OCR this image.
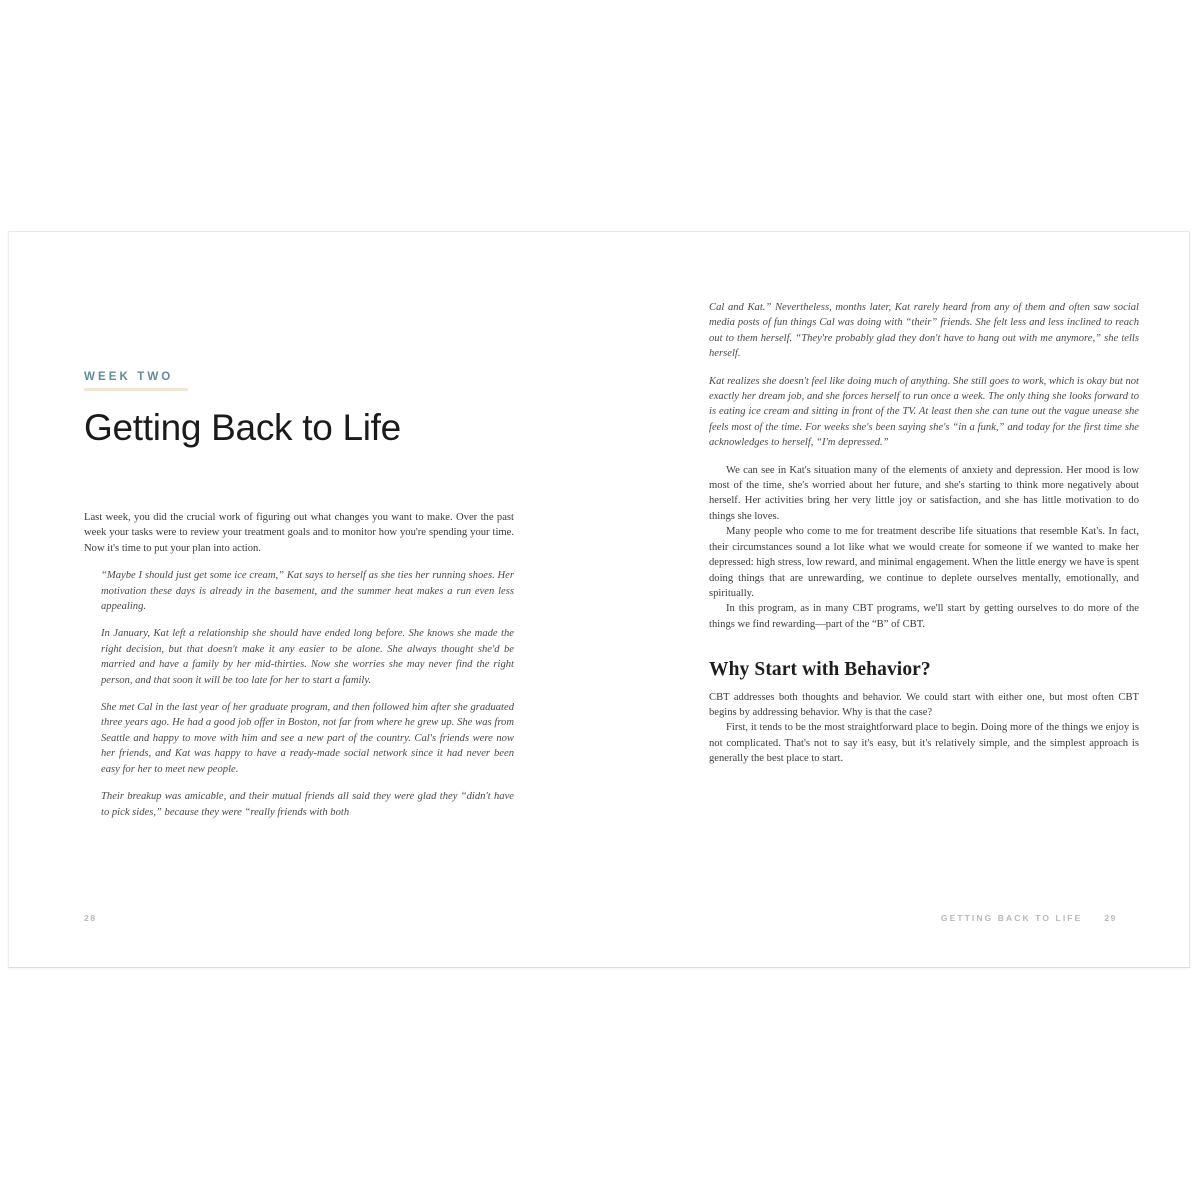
WEEK TWO
Getting Back to Life

Last week, you did the crucial work of figuring out what changes you want to make. Over the past week your tasks were to review your treatment goals and to monitor how you're spending your time. Now it's time to put your plan into action.

“Maybe I should just get some ice cream,” Kat says to herself as she ties her running shoes. Her motivation these days is already in the basement, and the summer heat makes a run even less appealing.

In January, Kat left a relationship she should have ended long before. She knows she made the right decision, but that doesn't make it any easier to be alone. She always thought she'd be married and have a family by her mid-thirties. Now she worries she may never find the right person, and that soon it will be too late for her to start a family.

She met Cal in the last year of her graduate program, and then followed him after she graduated three years ago. He had a good job offer in Boston, not far from where he grew up. She was from Seattle and happy to move with him and see a new part of the country. Cal's friends were now her friends, and Kat was happy to have a ready-made social network since it had never been easy for her to meet new people.

Their breakup was amicable, and their mutual friends all said they were glad they “didn't have to pick sides,” because they were “really friends with both

28

Cal and Kat.” Nevertheless, months later, Kat rarely heard from any of them and often saw social media posts of fun things Cal was doing with “their” friends. She felt less and less inclined to reach out to them herself. “They're probably glad they don't have to hang out with me anymore,” she tells herself.

Kat realizes she doesn't feel like doing much of anything. She still goes to work, which is okay but not exactly her dream job, and she forces herself to run once a week. The only thing she looks forward to is eating ice cream and sitting in front of the TV. At least then she can tune out the vague unease she feels most of the time. For weeks she's been saying she's “in a funk,” and today for the first time she acknowledges to herself, “I'm depressed.”

We can see in Kat's situation many of the elements of anxiety and depression. Her mood is low most of the time, she's worried about her future, and she's starting to think more negatively about herself. Her activities bring her very little joy or satisfaction, and she has little motivation to do things she loves.

Many people who come to me for treatment describe life situations that resemble Kat's. In fact, their circumstances sound a lot like what we would create for someone if we wanted to make her depressed: high stress, low reward, and minimal engagement. When the little energy we have is spent doing things that are unrewarding, we continue to deplete ourselves mentally, emotionally, and spiritually.

In this program, as in many CBT programs, we'll start by getting ourselves to do more of the things we find rewarding—part of the “B” of CBT.

Why Start with Behavior?

CBT addresses both thoughts and behavior. We could start with either one, but most often CBT begins by addressing behavior. Why is that the case?

First, it tends to be the most straightforward place to begin. Doing more of the things we enjoy is not complicated. That's not to say it's easy, but it's relatively simple, and the simplest approach is generally the best place to start.

GETTING BACK TO LIFE	29
